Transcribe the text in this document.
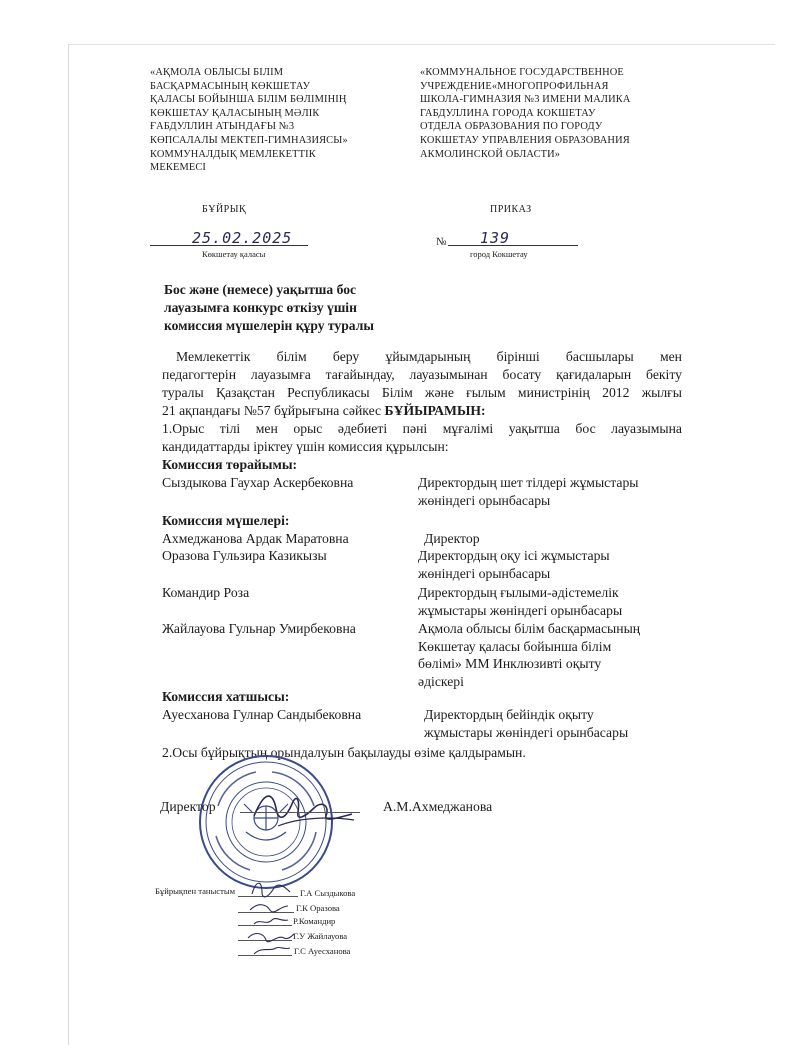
«АҚМОЛА ОБЛЫСЫ БІЛІМ
БАСҚАРМАСЫНЫҢ КӨКШЕТАУ
ҚАЛАСЫ БОЙЫНША БІЛІМ БӨЛІМІНІҢ
КӨКШЕТАУ ҚАЛАСЫНЫҢ МӘЛІК
ҒАБДУЛЛИН АТЫНДАҒЫ №3
КӨПСАЛАЛЫ МЕКТЕП-ГИМНАЗИЯСЫ»
КОММУНАЛДЫҚ МЕМЛЕКЕТТІК
МЕКЕМЕСІ
«КОММУНАЛЬНОЕ ГОСУДАРСТВЕННОЕ
УЧРЕЖДЕНИЕ«МНОГОПРОФИЛЬНАЯ
ШКОЛА-ГИМНАЗИЯ №3 ИМЕНИ МАЛИКА
ГАБДУЛЛИНА ГОРОДА КОКШЕТАУ
ОТДЕЛА ОБРАЗОВАНИЯ ПО ГОРОДУ
КОКШЕТАУ УПРАВЛЕНИЯ ОБРАЗОВАНИЯ
АКМОЛИНСКОЙ ОБЛАСТИ»
БҰЙРЫҚ	ПРИКАЗ
25.02.2025
Көкшетау қаласы
№ 139
город Кокшетау
Бос және (немесе) уақытша бос
лауазымға конкурс өткізу үшін
комиссия мүшелерін құру туралы
Мемлекеттік білім беру ұйымдарының бірінші басшылары мен
педагогтерін лауазымға тағайындау, лауазымынан босату қағидаларын бекіту
туралы Қазақстан Республикасы Білім және ғылым министрінің 2012 жылғы
21 ақпандағы №57 бұйрығына сәйкес БҰЙЫРАМЫН:
1.Орыс тілі мен орыс әдебиеті пәні мұғалімі уақытша бос лауазымына
кандидаттарды іріктеу үшін комиссия құрылсын:
Комиссия төрайымы:
Сыздыкова Гаухар Аскербековна	Директордың шет тілдері жұмыстары
жөніндегі орынбасары
Комиссия мүшелері:
Ахмеджанова Ардак Маратовна	Директор
Оразова Гульзира Казикызы	Директордың оқу ісі жұмыстары
жөніндегі орынбасары
Командир Роза	Директордың ғылыми-әдістемелік
жұмыстары жөніндегі орынбасары
Жайлауова Гульнар Умирбековна	Ақмола облысы білім басқармасының
Көкшетау қаласы бойынша білім
бөлімі» ММ Инклюзивті оқыту
әдіскері
Комиссия хатшысы:
Ауесханова Гулнар Сандыбековна	Директордың бейіндік оқыту
жұмыстары жөніндегі орынбасары
2.Осы бұйрықтың орындалуын бақылауды өзіме қалдырамын.
Директор	А.М.Ахмеджанова
Бұйрықпен таныстым	Г.А Сыздыкова
Г.К Оразова
Р.Командир
Г.У Жайлауова
Г.С Ауесханова
